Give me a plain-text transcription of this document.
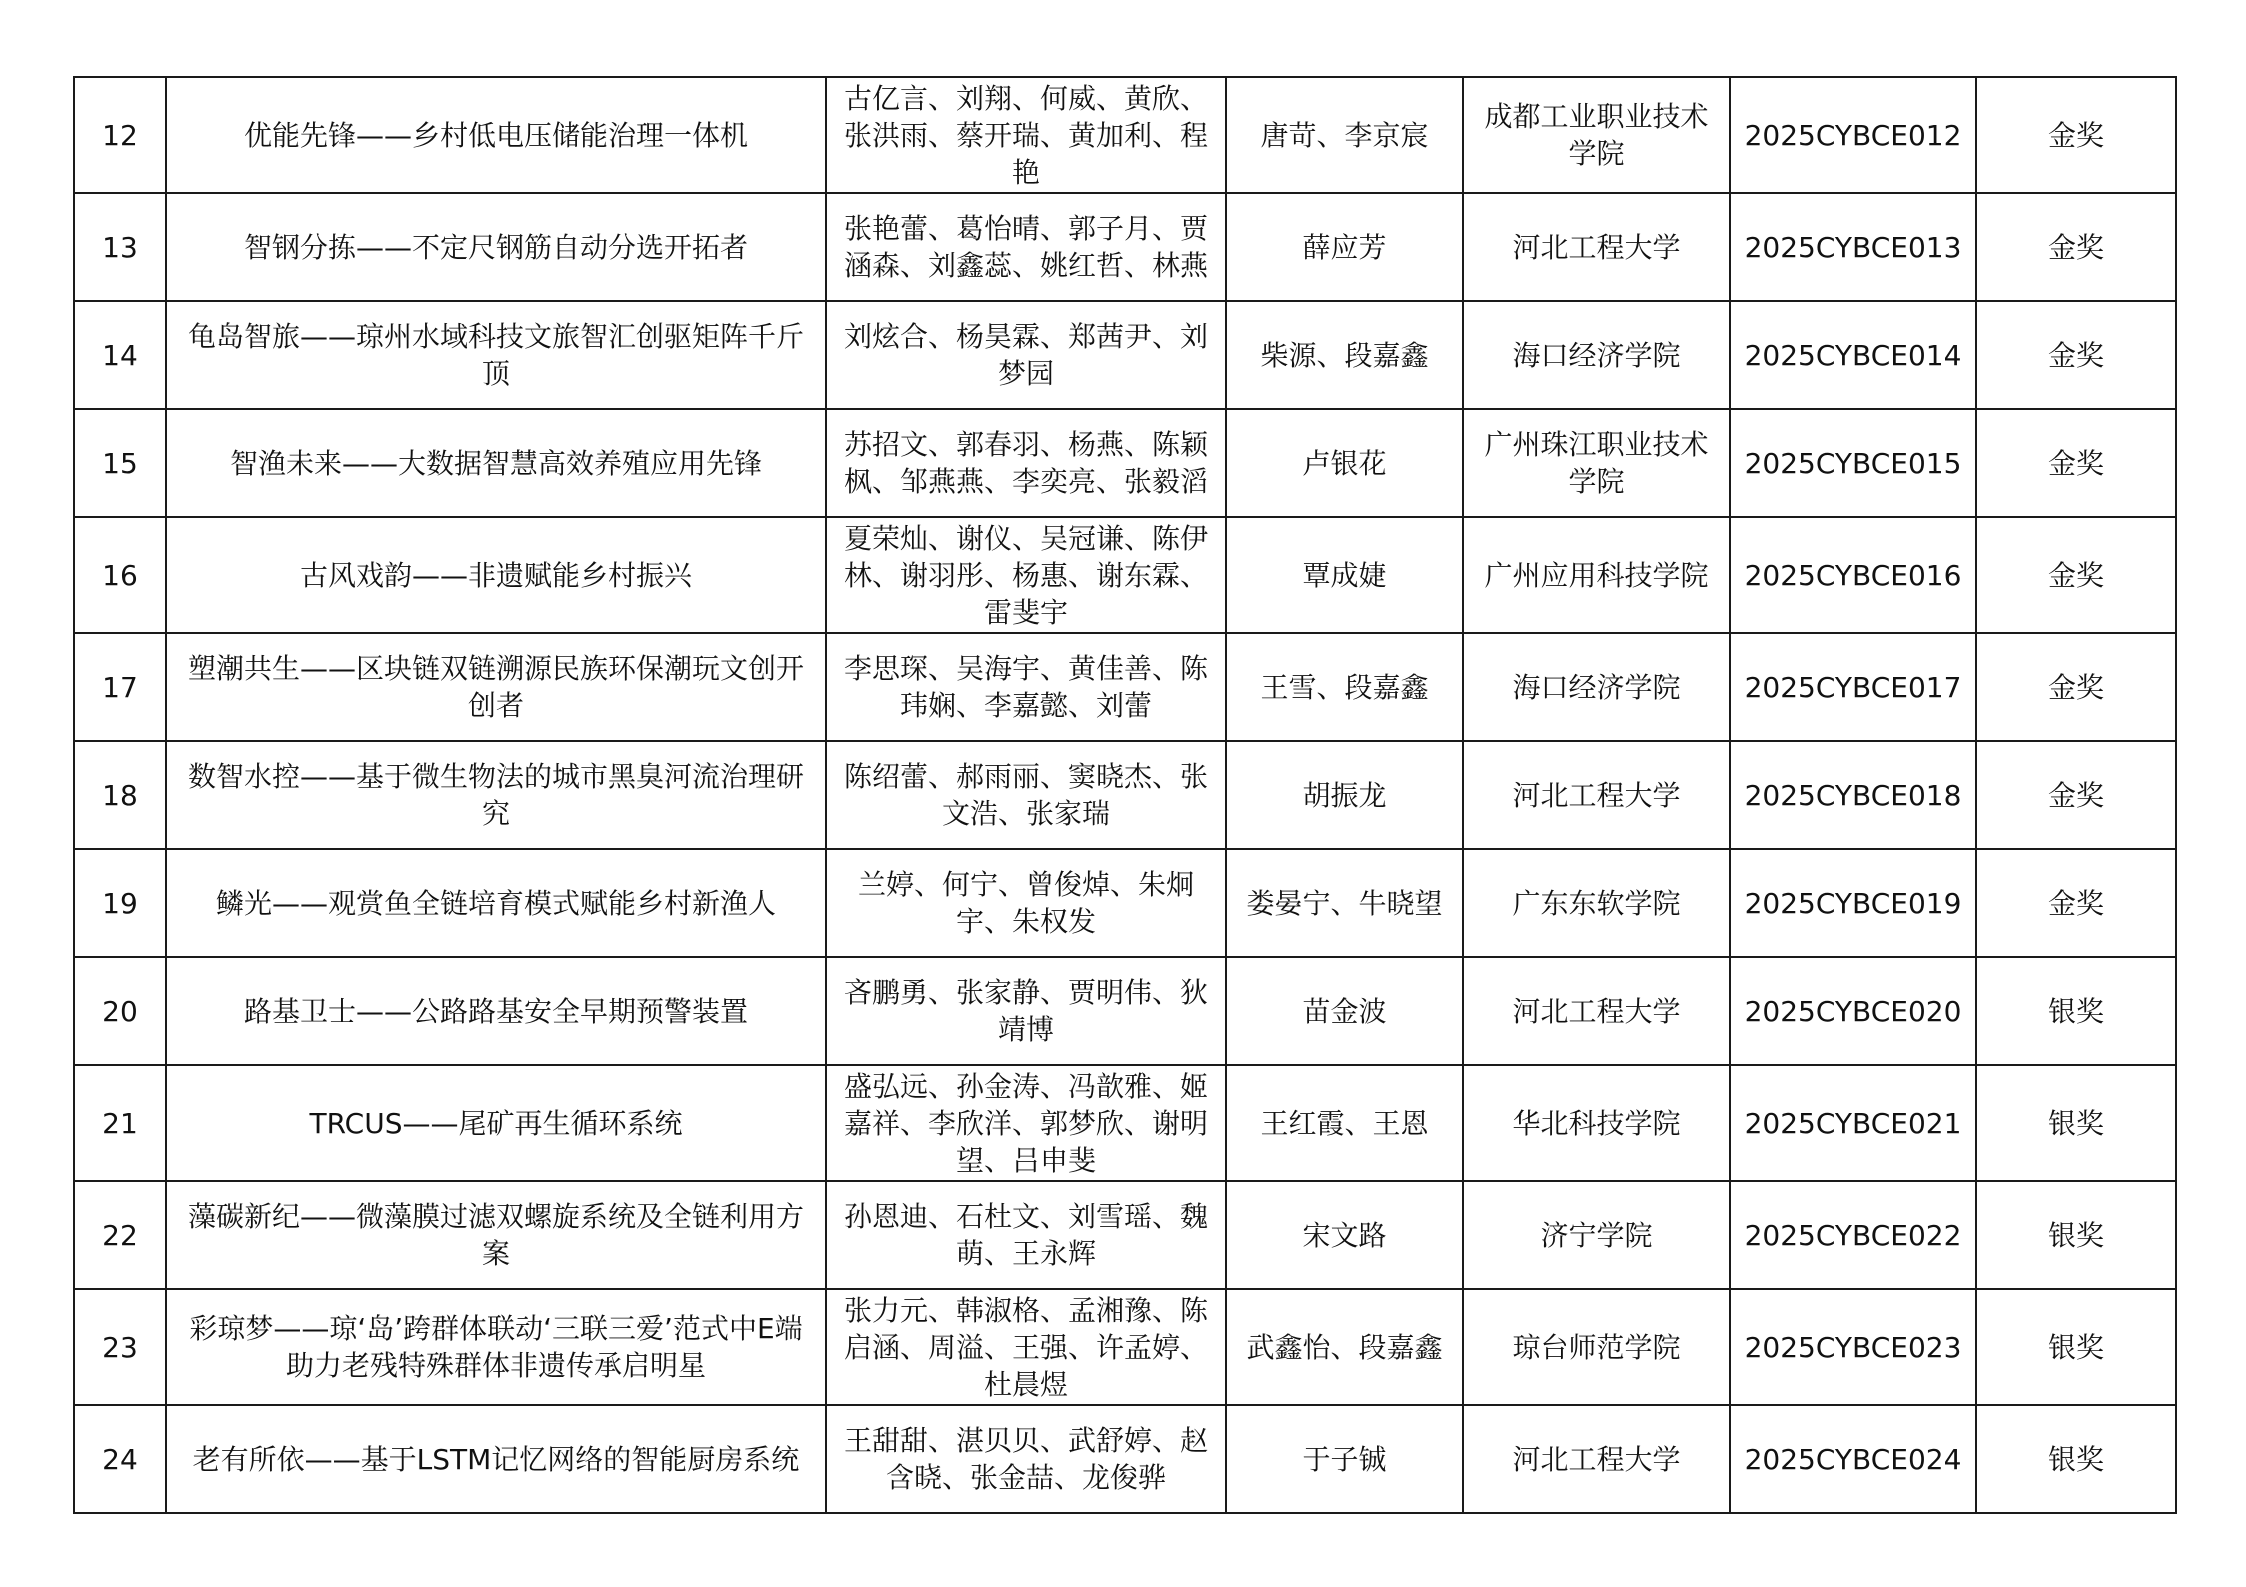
12	优能先锋——乡村低电压储能治理一体机	古亿言、刘翔、何威、黄欣、张洪雨、蔡开瑞、黄加利、程艳	唐苛、李京宸	成都工业职业技术学院	2025CYBCE012	金奖
13	智钢分拣——不定尺钢筋自动分选开拓者	张艳蕾、葛怡晴、郭子月、贾涵森、刘鑫蕊、姚红哲、林燕	薛应芳	河北工程大学	2025CYBCE013	金奖
14	龟岛智旅——琼州水域科技文旅智汇创驱矩阵千斤顶	刘炫合、杨昊霖、郑茜尹、刘梦园	柴源、段嘉鑫	海口经济学院	2025CYBCE014	金奖
15	智渔未来——大数据智慧高效养殖应用先锋	苏招文、郭春羽、杨燕、陈颖枫、邹燕燕、李奕亮、张毅滔	卢银花	广州珠江职业技术学院	2025CYBCE015	金奖
16	古风戏韵——非遗赋能乡村振兴	夏荣灿、谢仪、吴冠谦、陈伊林、谢羽彤、杨惠、谢东霖、雷斐宇	覃成婕	广州应用科技学院	2025CYBCE016	金奖
17	塑潮共生——区块链双链溯源民族环保潮玩文创开创者	李思琛、吴海宇、黄佳善、陈玮娴、李嘉懿、刘蕾	王雪、段嘉鑫	海口经济学院	2025CYBCE017	金奖
18	数智水控——基于微生物法的城市黑臭河流治理研究	陈绍蕾、郝雨丽、窦晓杰、张文浩、张家瑞	胡振龙	河北工程大学	2025CYBCE018	金奖
19	鳞光——观赏鱼全链培育模式赋能乡村新渔人	兰婷、何宁、曾俊焯、朱炯宇、朱权发	娄晏宁、牛晓望	广东东软学院	2025CYBCE019	金奖
20	路基卫士——公路路基安全早期预警装置	吝鹏勇、张家静、贾明伟、狄靖博	苗金波	河北工程大学	2025CYBCE020	银奖
21	TRCUS——尾矿再生循环系统	盛弘远、孙金涛、冯歆雅、姬嘉祥、李欣洋、郭梦欣、谢明望、吕申斐	王红霞、王恩	华北科技学院	2025CYBCE021	银奖
22	藻碳新纪——微藻膜过滤双螺旋系统及全链利用方案	孙恩迪、石杜文、刘雪瑶、魏萌、王永辉	宋文路	济宁学院	2025CYBCE022	银奖
23	彩琼梦——琼‘岛’跨群体联动‘三联三爱’范式中E端助力老残特殊群体非遗传承启明星	张力元、韩淑格、孟湘豫、陈启涵、周溢、王强、许孟婷、杜晨煜	武鑫怡、段嘉鑫	琼台师范学院	2025CYBCE023	银奖
24	老有所依——基于LSTM记忆网络的智能厨房系统	王甜甜、湛贝贝、武舒婷、赵含晓、张金喆、龙俊骅	于子铖	河北工程大学	2025CYBCE024	银奖
